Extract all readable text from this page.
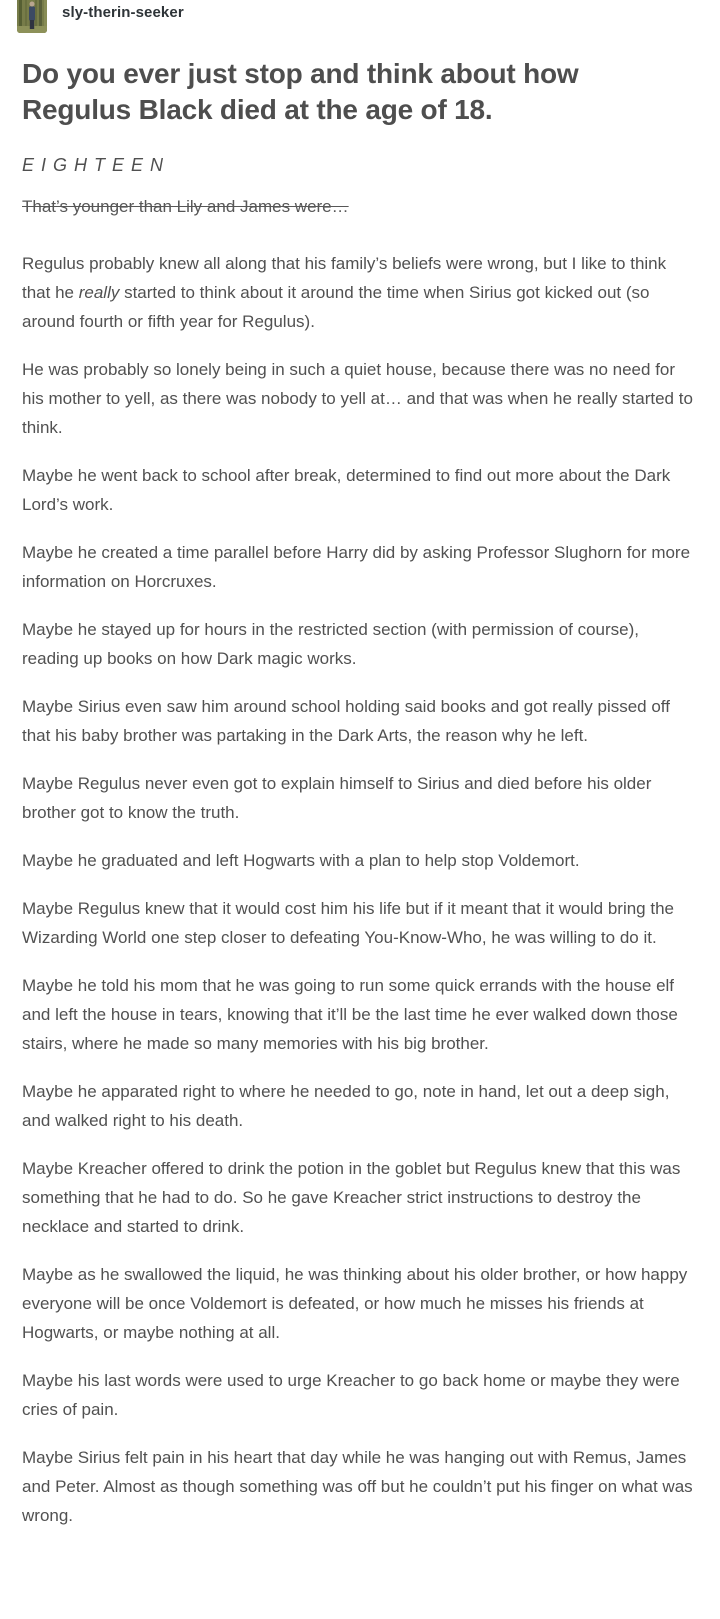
sly-therin-seeker
Do you ever just stop and think about how Regulus Black died at the age of 18.

EIGHTEEN

That’s younger than Lily and James were…

Regulus probably knew all along that his family’s beliefs were wrong, but I like to think that he really started to think about it around the time when Sirius got kicked out (so around fourth or fifth year for Regulus).

He was probably so lonely being in such a quiet house, because there was no need for his mother to yell, as there was nobody to yell at… and that was when he really started to think.

Maybe he went back to school after break, determined to find out more about the Dark Lord’s work.

Maybe he created a time parallel before Harry did by asking Professor Slughorn for more information on Horcruxes.

Maybe he stayed up for hours in the restricted section (with permission of course), reading up books on how Dark magic works.

Maybe Sirius even saw him around school holding said books and got really pissed off that his baby brother was partaking in the Dark Arts, the reason why he left.

Maybe Regulus never even got to explain himself to Sirius and died before his older brother got to know the truth.

Maybe he graduated and left Hogwarts with a plan to help stop Voldemort.

Maybe Regulus knew that it would cost him his life but if it meant that it would bring the Wizarding World one step closer to defeating You-Know-Who, he was willing to do it.

Maybe he told his mom that he was going to run some quick errands with the house elf and left the house in tears, knowing that it’ll be the last time he ever walked down those stairs, where he made so many memories with his big brother.

Maybe he apparated right to where he needed to go, note in hand, let out a deep sigh, and walked right to his death.

Maybe Kreacher offered to drink the potion in the goblet but Regulus knew that this was something that he had to do. So he gave Kreacher strict instructions to destroy the necklace and started to drink.

Maybe as he swallowed the liquid, he was thinking about his older brother, or how happy everyone will be once Voldemort is defeated, or how much he misses his friends at Hogwarts, or maybe nothing at all.

Maybe his last words were used to urge Kreacher to go back home or maybe they were cries of pain.

Maybe Sirius felt pain in his heart that day while he was hanging out with Remus, James and Peter. Almost as though something was off but he couldn’t put his finger on what was wrong.
